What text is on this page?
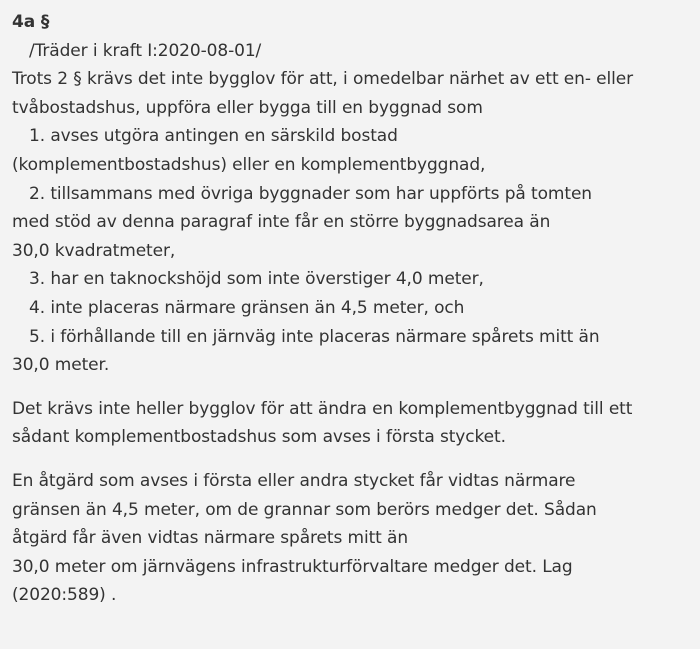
4a §

/Träder i kraft I:2020-08-01/

Trots 2 § krävs det inte bygglov för att, i omedelbar närhet av ett en- eller

tvåbostadshus, uppföra eller bygga till en byggnad som

1. avses utgöra antingen en särskild bostad

(komplementbostadshus) eller en komplementbyggnad,

2. tillsammans med övriga byggnader som har uppförts på tomten

med stöd av denna paragraf inte får en större byggnadsarea än

30,0 kvadratmeter,

3. har en taknockshöjd som inte överstiger 4,0 meter,

4. inte placeras närmare gränsen än 4,5 meter, och

5. i förhållande till en järnväg inte placeras närmare spårets mitt än

30,0 meter.

Det krävs inte heller bygglov för att ändra en komplementbyggnad till ett

sådant komplementbostadshus som avses i första stycket.

En åtgärd som avses i första eller andra stycket får vidtas närmare

gränsen än 4,5 meter, om de grannar som berörs medger det. Sådan

åtgärd får även vidtas närmare spårets mitt än

30,0 meter om järnvägens infrastrukturförvaltare medger det. Lag

(2020:589) .
